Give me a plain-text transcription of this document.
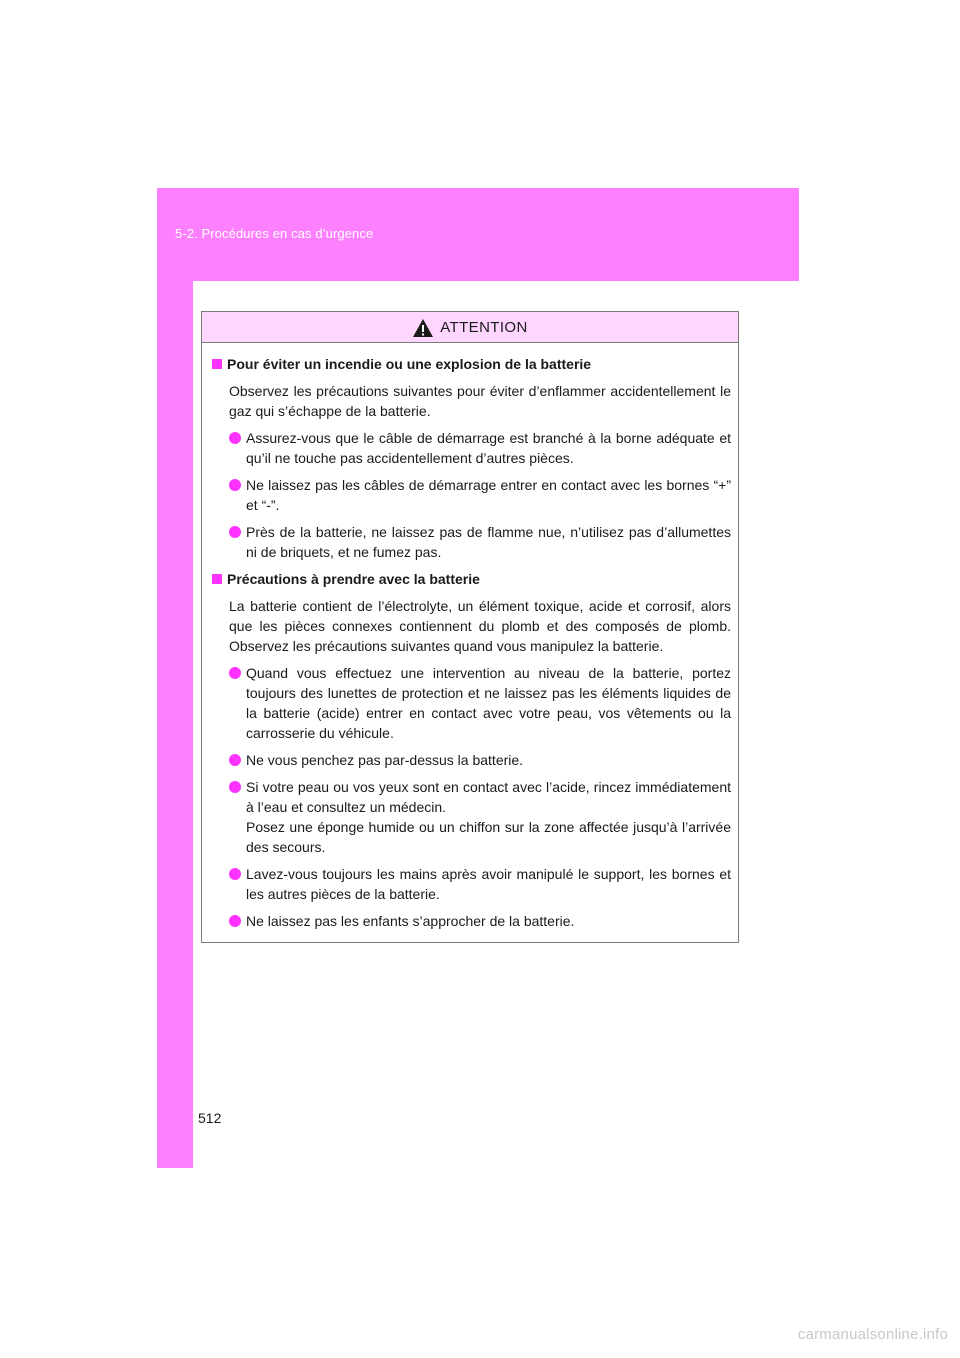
5-2. Procédures en cas d’urgence
ATTENTION
Pour éviter un incendie ou une explosion de la batterie
Observez les précautions suivantes pour éviter d’enflammer accidentellement le gaz qui s’échappe de la batterie.
Assurez-vous que le câble de démarrage est branché à la borne adéquate et qu’il ne touche pas accidentellement d’autres pièces.
Ne laissez pas les câbles de démarrage entrer en contact avec les bornes “+” et “-”.
Près de la batterie, ne laissez pas de flamme nue, n’utilisez pas d’allumettes ni de briquets, et ne fumez pas.
Précautions à prendre avec la batterie
La batterie contient de l’électrolyte, un élément toxique, acide et corrosif, alors que les pièces connexes contiennent du plomb et des composés de plomb. Observez les précautions suivantes quand vous manipulez la batterie.
Quand vous effectuez une intervention au niveau de la batterie, portez toujours des lunettes de protection et ne laissez pas les éléments liquides de la batterie (acide) entrer en contact avec votre peau, vos vêtements ou la carrosserie du véhicule.
Ne vous penchez pas par-dessus la batterie.
Si votre peau ou vos yeux sont en contact avec l’acide, rincez immédiatement à l’eau et consultez un médecin.
Posez une éponge humide ou un chiffon sur la zone affectée jusqu’à l’arrivée des secours.
Lavez-vous toujours les mains après avoir manipulé le support, les bornes et les autres pièces de la batterie.
Ne laissez pas les enfants s’approcher de la batterie.
512
carmanualsonline.info
